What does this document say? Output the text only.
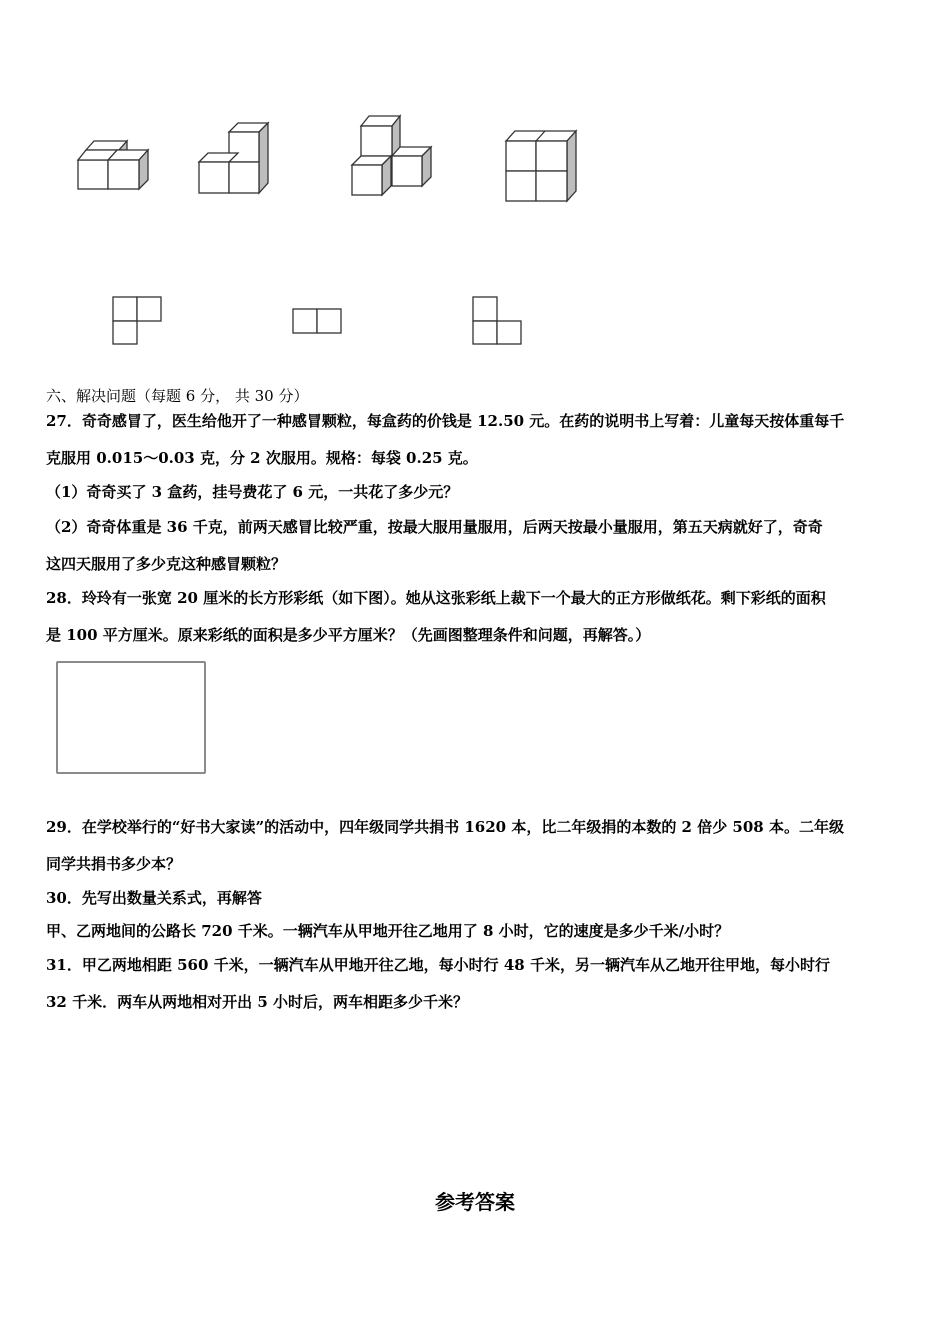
六、解决问题（每题 6 分， 共 30 分）
27．奇奇感冒了，医生给他开了一种感冒颗粒，每盒药的价钱是 12.50 元。在药的说明书上写着：儿童每天按体重每千
克服用 0.015～0.03 克，分 2 次服用。规格：每袋 0.25 克。
（1）奇奇买了 3 盒药，挂号费花了 6 元，一共花了多少元？
（2）奇奇体重是 36 千克，前两天感冒比较严重，按最大服用量服用，后两天按最小量服用，第五天病就好了，奇奇
这四天服用了多少克这种感冒颗粒？
28．玲玲有一张宽 20 厘米的长方形彩纸（如下图）。她从这张彩纸上裁下一个最大的正方形做纸花。剩下彩纸的面积
是 100 平方厘米。原来彩纸的面积是多少平方厘米？（先画图整理条件和问题，再解答。）
29．在学校举行的“好书大家读”的活动中，四年级同学共捐书 1620 本，比二年级捐的本数的 2 倍少 508 本。二年级
同学共捐书多少本？
30．先写出数量关系式，再解答
甲、乙两地间的公路长 720 千米。一辆汽车从甲地开往乙地用了 8 小时，它的速度是多少千米/小时？
31．甲乙两地相距 560 千米，一辆汽车从甲地开往乙地，每小时行 48 千米，另一辆汽车从乙地开往甲地，每小时行
32 千米．两车从两地相对开出 5 小时后，两车相距多少千米？
参考答案
